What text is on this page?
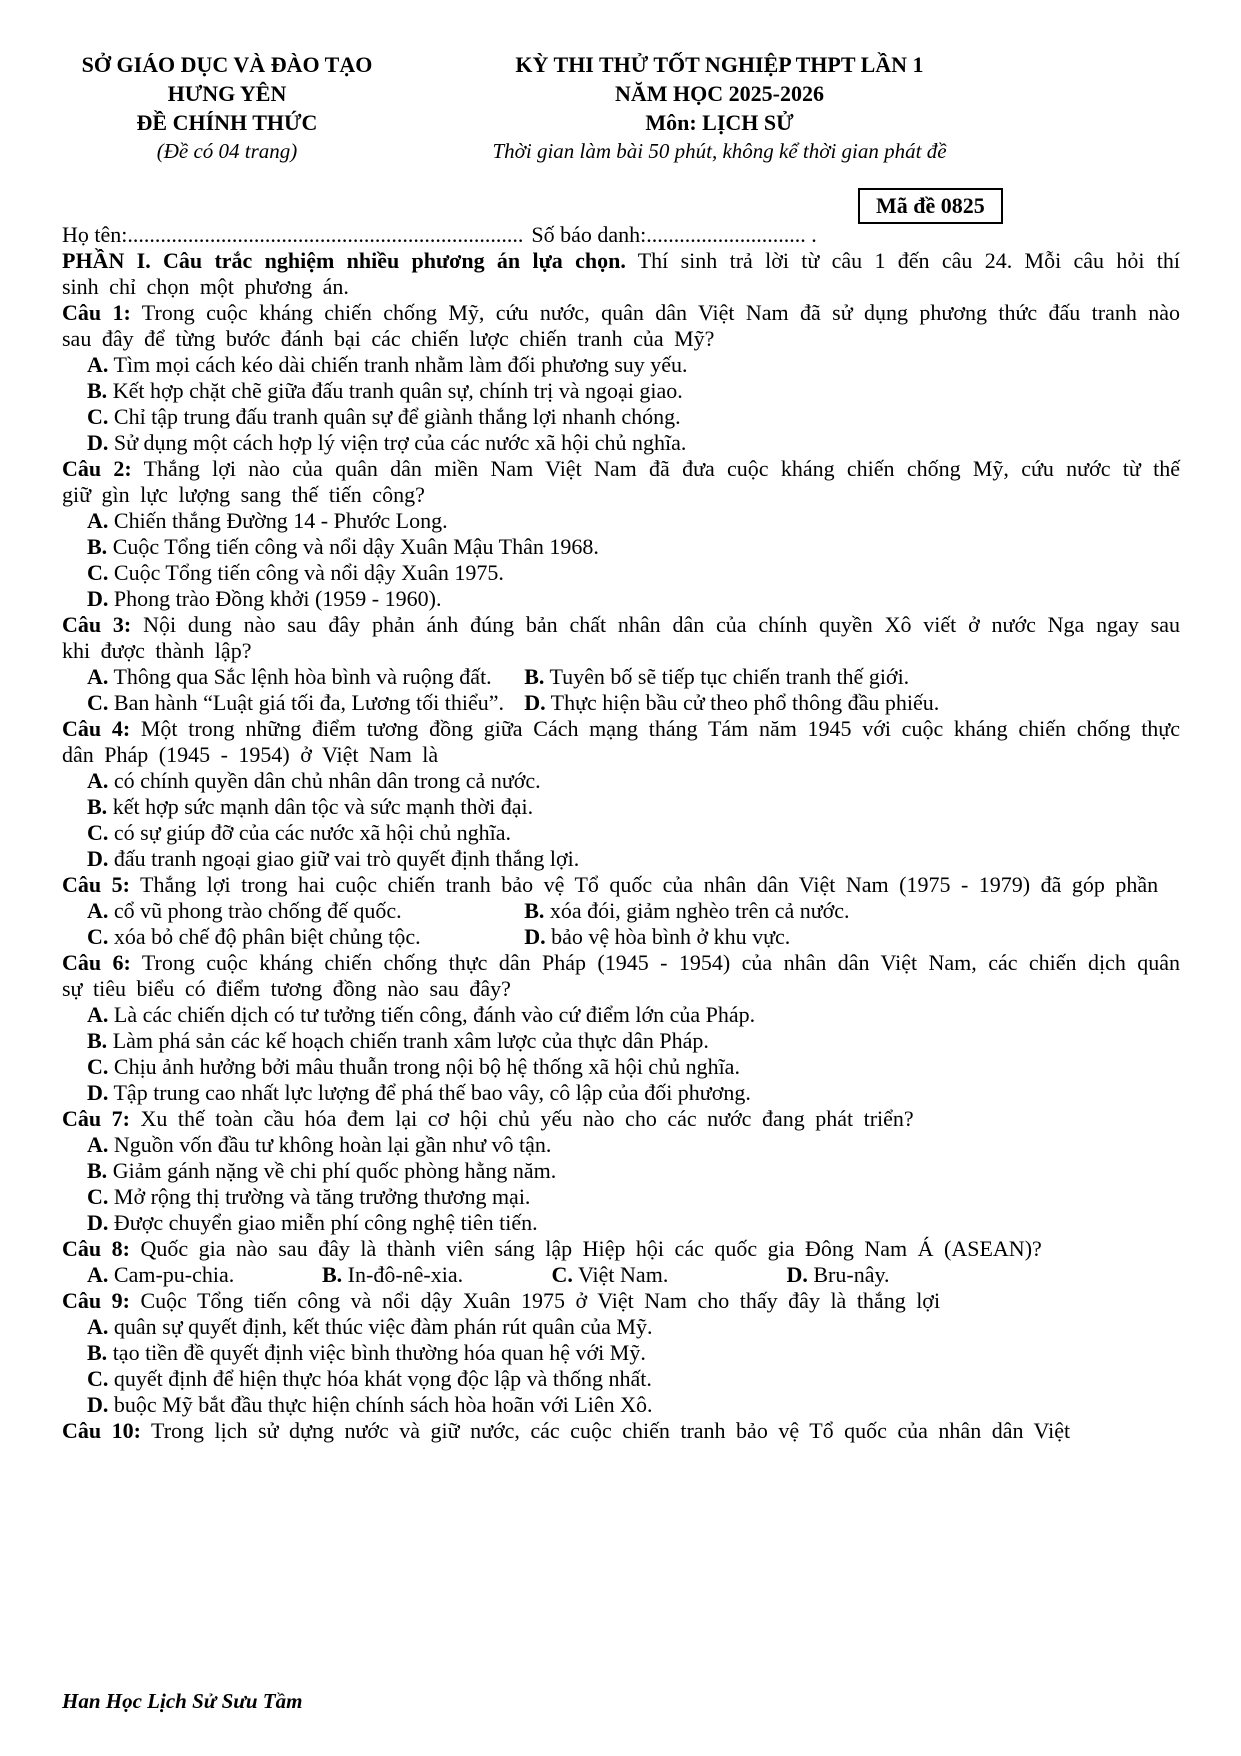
SỞ GIÁO DỤC VÀ ĐÀO TẠO
HƯNG YÊN
ĐỀ CHÍNH THỨC
(Đề có 04 trang)
KỲ THI THỬ TỐT NGHIỆP THPT LẦN 1
NĂM HỌC 2025-2026
Môn: LỊCH SỬ
Thời gian làm bài 50 phút, không kể thời gian phát đề
Mã đề 0825

Họ tên:........................................................................ Số báo danh:............................. .

PHẦN I. Câu trắc nghiệm nhiều phương án lựa chọn. Thí sinh trả lời từ câu 1 đến câu 24. Mỗi câu hỏi thí sinh chỉ chọn một phương án.

Câu 1: Trong cuộc kháng chiến chống Mỹ, cứu nước, quân dân Việt Nam đã sử dụng phương thức đấu tranh nào sau đây để từng bước đánh bại các chiến lược chiến tranh của Mỹ?

A. Tìm mọi cách kéo dài chiến tranh nhằm làm đối phương suy yếu.
B. Kết hợp chặt chẽ giữa đấu tranh quân sự, chính trị và ngoại giao.
C. Chỉ tập trung đấu tranh quân sự để giành thắng lợi nhanh chóng.
D. Sử dụng một cách hợp lý viện trợ của các nước xã hội chủ nghĩa.

Câu 2: Thắng lợi nào của quân dân miền Nam Việt Nam đã đưa cuộc kháng chiến chống Mỹ, cứu nước từ thế giữ gìn lực lượng sang thế tiến công?

A. Chiến thắng Đường 14 - Phước Long.
B. Cuộc Tổng tiến công và nổi dậy Xuân Mậu Thân 1968.
C. Cuộc Tổng tiến công và nổi dậy Xuân 1975.
D. Phong trào Đồng khởi (1959 - 1960).

Câu 3: Nội dung nào sau đây phản ánh đúng bản chất nhân dân của chính quyền Xô viết ở nước Nga ngay sau khi được thành lập?

A. Thông qua Sắc lệnh hòa bình và ruộng đất.	B. Tuyên bố sẽ tiếp tục chiến tranh thế giới.
C. Ban hành “Luật giá tối đa, Lương tối thiểu”. D. Thực hiện bầu cử theo phổ thông đầu phiếu.

Câu 4: Một trong những điểm tương đồng giữa Cách mạng tháng Tám năm 1945 với cuộc kháng chiến chống thực dân Pháp (1945 - 1954) ở Việt Nam là

A. có chính quyền dân chủ nhân dân trong cả nước.
B. kết hợp sức mạnh dân tộc và sức mạnh thời đại.
C. có sự giúp đỡ của các nước xã hội chủ nghĩa.
D. đấu tranh ngoại giao giữ vai trò quyết định thắng lợi.

Câu 5: Thắng lợi trong hai cuộc chiến tranh bảo vệ Tổ quốc của nhân dân Việt Nam (1975 - 1979) đã góp phần

A. cổ vũ phong trào chống đế quốc.	B. xóa đói, giảm nghèo trên cả nước.
C. xóa bỏ chế độ phân biệt chủng tộc.	D. bảo vệ hòa bình ở khu vực.

Câu 6: Trong cuộc kháng chiến chống thực dân Pháp (1945 - 1954) của nhân dân Việt Nam, các chiến dịch quân sự tiêu biểu có điểm tương đồng nào sau đây?

A. Là các chiến dịch có tư tưởng tiến công, đánh vào cứ điểm lớn của Pháp.
B. Làm phá sản các kế hoạch chiến tranh xâm lược của thực dân Pháp.
C. Chịu ảnh hưởng bởi mâu thuẫn trong nội bộ hệ thống xã hội chủ nghĩa.
D. Tập trung cao nhất lực lượng để phá thế bao vây, cô lập của đối phương.

Câu 7: Xu thế toàn cầu hóa đem lại cơ hội chủ yếu nào cho các nước đang phát triển?

A. Nguồn vốn đầu tư không hoàn lại gần như vô tận.
B. Giảm gánh nặng về chi phí quốc phòng hằng năm.
C. Mở rộng thị trường và tăng trưởng thương mại.
D. Được chuyển giao miễn phí công nghệ tiên tiến.

Câu 8: Quốc gia nào sau đây là thành viên sáng lập Hiệp hội các quốc gia Đông Nam Á (ASEAN)?

A. Cam-pu-chia.	B. In-đô-nê-xia.	C. Việt Nam.	D. Bru-nây.

Câu 9: Cuộc Tổng tiến công và nổi dậy Xuân 1975 ở Việt Nam cho thấy đây là thắng lợi

A. quân sự quyết định, kết thúc việc đàm phán rút quân của Mỹ.
B. tạo tiền đề quyết định việc bình thường hóa quan hệ với Mỹ.
C. quyết định để hiện thực hóa khát vọng độc lập và thống nhất.
D. buộc Mỹ bắt đầu thực hiện chính sách hòa hoãn với Liên Xô.

Câu 10: Trong lịch sử dựng nước và giữ nước, các cuộc chiến tranh bảo vệ Tổ quốc của nhân dân Việt

Han Học Lịch Sử Sưu Tầm
